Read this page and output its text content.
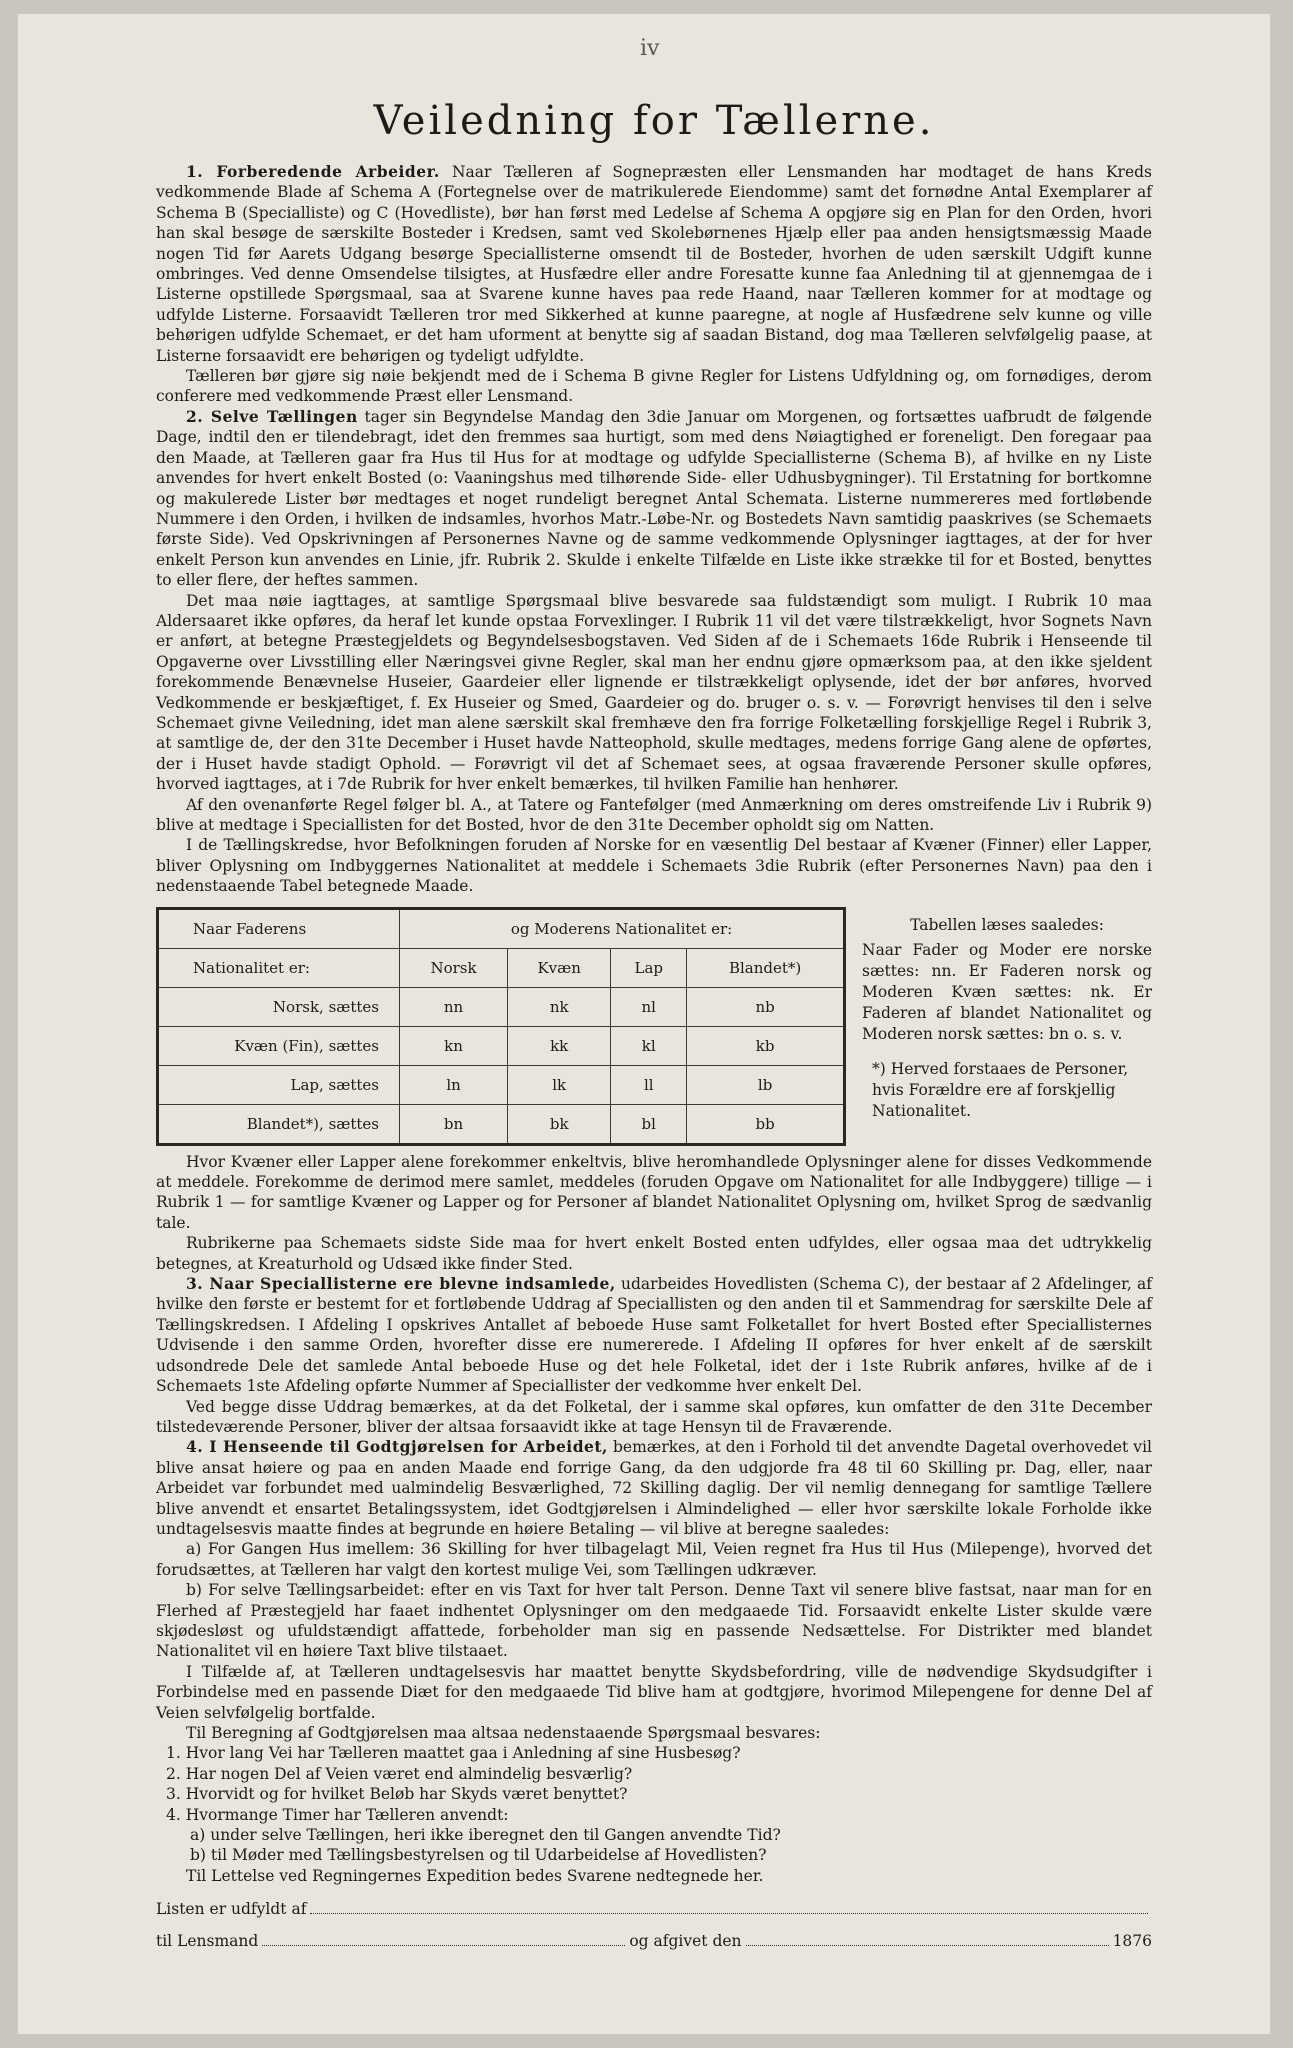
ⅳ
Veiledning for Tællerne.

1. Forberedende Arbeider. Naar Tælleren af Sognepræsten eller Lensmanden har modtaget de hans Kreds vedkommende Blade af Schema A (Fortegnelse over de matrikulerede Eiendomme) samt det fornødne Antal Exemplarer af Schema B (Specialliste) og C (Hovedliste), bør han først med Ledelse af Schema A opgjøre sig en Plan for den Orden, hvori han skal besøge de særskilte Bosteder i Kredsen, samt ved Skolebørnenes Hjælp eller paa anden hensigtsmæssig Maade nogen Tid før Aarets Udgang besørge Speciallisterne omsendt til de Bosteder, hvorhen de uden særskilt Udgift kunne ombringes. Ved denne Omsendelse tilsigtes, at Husfædre eller andre Foresatte kunne faa Anledning til at gjennemgaa de i Listerne opstillede Spørgsmaal, saa at Svarene kunne haves paa rede Haand, naar Tælleren kommer for at modtage og udfylde Listerne. Forsaavidt Tælleren tror med Sikkerhed at kunne paaregne, at nogle af Husfædrene selv kunne og ville behørigen udfylde Schemaet, er det ham uforment at benytte sig af saadan Bistand, dog maa Tælleren selvfølgelig paase, at Listerne forsaavidt ere behørigen og tydeligt udfyldte.

Tælleren bør gjøre sig nøie bekjendt med de i Schema B givne Regler for Listens Udfyldning og, om fornødiges, derom conferere med vedkommende Præst eller Lensmand.

2. Selve Tællingen tager sin Begyndelse Mandag den 3die Januar om Morgenen, og fortsættes uafbrudt de følgende Dage, indtil den er tilendebragt, idet den fremmes saa hurtigt, som med dens Nøiagtighed er foreneligt. Den foregaar paa den Maade, at Tælleren gaar fra Hus til Hus for at modtage og udfylde Speciallisterne (Schema B), af hvilke en ny Liste anvendes for hvert enkelt Bosted (o: Vaaningshus med tilhørende Side- eller Udhusbygninger). Til Erstatning for bortkomne og makulerede Lister bør medtages et noget rundeligt beregnet Antal Schemata. Listerne nummereres med fortløbende Nummere i den Orden, i hvilken de indsamles, hvorhos Matr.-Løbe-Nr. og Bostedets Navn samtidig paaskrives (se Schemaets første Side). Ved Opskrivningen af Personernes Navne og de samme vedkommende Oplysninger iagttages, at der for hver enkelt Person kun anvendes en Linie, jfr. Rubrik 2. Skulde i enkelte Tilfælde en Liste ikke strække til for et Bosted, benyttes to eller flere, der heftes sammen.

Det maa nøie iagttages, at samtlige Spørgsmaal blive besvarede saa fuldstændigt som muligt. I Rubrik 10 maa Aldersaaret ikke opføres, da heraf let kunde opstaa Forvexlinger. I Rubrik 11 vil det være tilstrækkeligt, hvor Sognets Navn er anført, at betegne Præstegjeldets og Begyndelsesbogstaven. Ved Siden af de i Schemaets 16de Rubrik i Henseende til Opgaverne over Livsstilling eller Næringsvei givne Regler, skal man her endnu gjøre opmærksom paa, at den ikke sjeldent forekommende Benævnelse Huseier, Gaardeier eller lignende er tilstrækkeligt oplysende, idet der bør anføres, hvorved Vedkommende er beskjæftiget, f. Ex Huseier og Smed, Gaardeier og do. bruger o. s. v. — Forøvrigt henvises til den i selve Schemaet givne Veiledning, idet man alene særskilt skal fremhæve den fra forrige Folketælling forskjellige Regel i Rubrik 3, at samtlige de, der den 31te December i Huset havde Natteophold, skulle medtages, medens forrige Gang alene de opførtes, der i Huset havde stadigt Ophold. — Forøvrigt vil det af Schemaet sees, at ogsaa fraværende Personer skulle opføres, hvorved iagttages, at i 7de Rubrik for hver enkelt bemærkes, til hvilken Familie han henhører.

Af den ovenanførte Regel følger bl. A., at Tatere og Fantefølger (med Anmærkning om deres omstreifende Liv i Rubrik 9) blive at medtage i Speciallisten for det Bosted, hvor de den 31te December opholdt sig om Natten.

I de Tællingskredse, hvor Befolkningen foruden af Norske for en væsentlig Del bestaar af Kvæner (Finner) eller Lapper, bliver Oplysning om Indbyggernes Nationalitet at meddele i Schemaets 3die Rubrik (efter Personernes Navn) paa den i nedenstaaende Tabel betegnede Maade.

Naar Faderens	og Moderens Nationalitet er:			
Nationalitet er:	Norsk	Kvæn	Lap	Blandet*)
Norsk, sættes	nn	nk	nl	nb
Kvæn (Fin), sættes	kn	kk	kl	kb
Lap, sættes	ln	lk	ll	lb
Blandet*), sættes	bn	bk	bl	bb
Tabellen læses saaledes:
Naar Fader og Moder ere norske sættes: nn. Er Faderen norsk og Moderen Kvæn sættes: nk. Er Faderen af blandet Nationalitet og Moderen norsk sættes: bn o. s. v.
*) Herved forstaaes de Personer, hvis Forældre ere af forskjellig Nationalitet.

Hvor Kvæner eller Lapper alene forekommer enkeltvis, blive heromhandlede Oplysninger alene for disses Vedkommende at meddele. Forekomme de derimod mere samlet, meddeles (foruden Opgave om Nationalitet for alle Indbyggere) tillige — i Rubrik 1 — for samtlige Kvæner og Lapper og for Personer af blandet Nationalitet Oplysning om, hvilket Sprog de sædvanlig tale.

Rubrikerne paa Schemaets sidste Side maa for hvert enkelt Bosted enten udfyldes, eller ogsaa maa det udtrykkelig betegnes, at Kreaturhold og Udsæd ikke finder Sted.

3. Naar Speciallisterne ere blevne indsamlede, udarbeides Hovedlisten (Schema C), der bestaar af 2 Afdelinger, af hvilke den første er bestemt for et fortløbende Uddrag af Speciallisten og den anden til et Sammendrag for særskilte Dele af Tællingskredsen. I Afdeling I opskrives Antallet af beboede Huse samt Folketallet for hvert Bosted efter Speciallisternes Udvisende i den samme Orden, hvorefter disse ere numererede. I Afdeling II opføres for hver enkelt af de særskilt udsondrede Dele det samlede Antal beboede Huse og det hele Folketal, idet der i 1ste Rubrik anføres, hvilke af de i Schemaets 1ste Afdeling opførte Nummer af Speciallister der vedkomme hver enkelt Del.

Ved begge disse Uddrag bemærkes, at da det Folketal, der i samme skal opføres, kun omfatter de den 31te December tilstedeværende Personer, bliver der altsaa forsaavidt ikke at tage Hensyn til de Fraværende.

4. I Henseende til Godtgjørelsen for Arbeidet, bemærkes, at den i Forhold til det anvendte Dagetal overhovedet vil blive ansat høiere og paa en anden Maade end forrige Gang, da den udgjorde fra 48 til 60 Skilling pr. Dag, eller, naar Arbeidet var forbundet med ualmindelig Besværlighed, 72 Skilling daglig. Der vil nemlig dennegang for samtlige Tællere blive anvendt et ensartet Betalingssystem, idet Godtgjørelsen i Almindelighed — eller hvor særskilte lokale Forholde ikke undtagelsesvis maatte findes at begrunde en høiere Betaling — vil blive at beregne saaledes:

a) For Gangen Hus imellem: 36 Skilling for hver tilbagelagt Mil, Veien regnet fra Hus til Hus (Milepenge), hvorved det forudsættes, at Tælleren har valgt den kortest mulige Vei, som Tællingen udkræver.

b) For selve Tællingsarbeidet: efter en vis Taxt for hver talt Person. Denne Taxt vil senere blive fastsat, naar man for en Flerhed af Præstegjeld har faaet indhentet Oplysninger om den medgaaede Tid. Forsaavidt enkelte Lister skulde være skjødesløst og ufuldstændigt affattede, forbeholder man sig en passende Nedsættelse. For Distrikter med blandet Nationalitet vil en høiere Taxt blive tilstaaet.

I Tilfælde af, at Tælleren undtagelsesvis har maattet benytte Skydsbefordring, ville de nødvendige Skydsudgifter i Forbindelse med en passende Diæt for den medgaaede Tid blive ham at godtgjøre, hvorimod Milepengene for denne Del af Veien selvfølgelig bortfalde.

Til Beregning af Godtgjørelsen maa altsaa nedenstaaende Spørgsmaal besvares:

1. Hvor lang Vei har Tælleren maattet gaa i Anledning af sine Husbesøg?
2. Har nogen Del af Veien været end almindelig besværlig?
3. Hvorvidt og for hvilket Beløb har Skyds været benyttet?
4. Hvormange Timer har Tælleren anvendt:
a) under selve Tællingen, heri ikke iberegnet den til Gangen anvendte Tid?
b) til Møder med Tællingsbestyrelsen og til Udarbeidelse af Hovedlisten?

Til Lettelse ved Regningernes Expedition bedes Svarene nedtegnede her.

Listen er udfyldt af
til Lensmand	og afgivet den	1876
